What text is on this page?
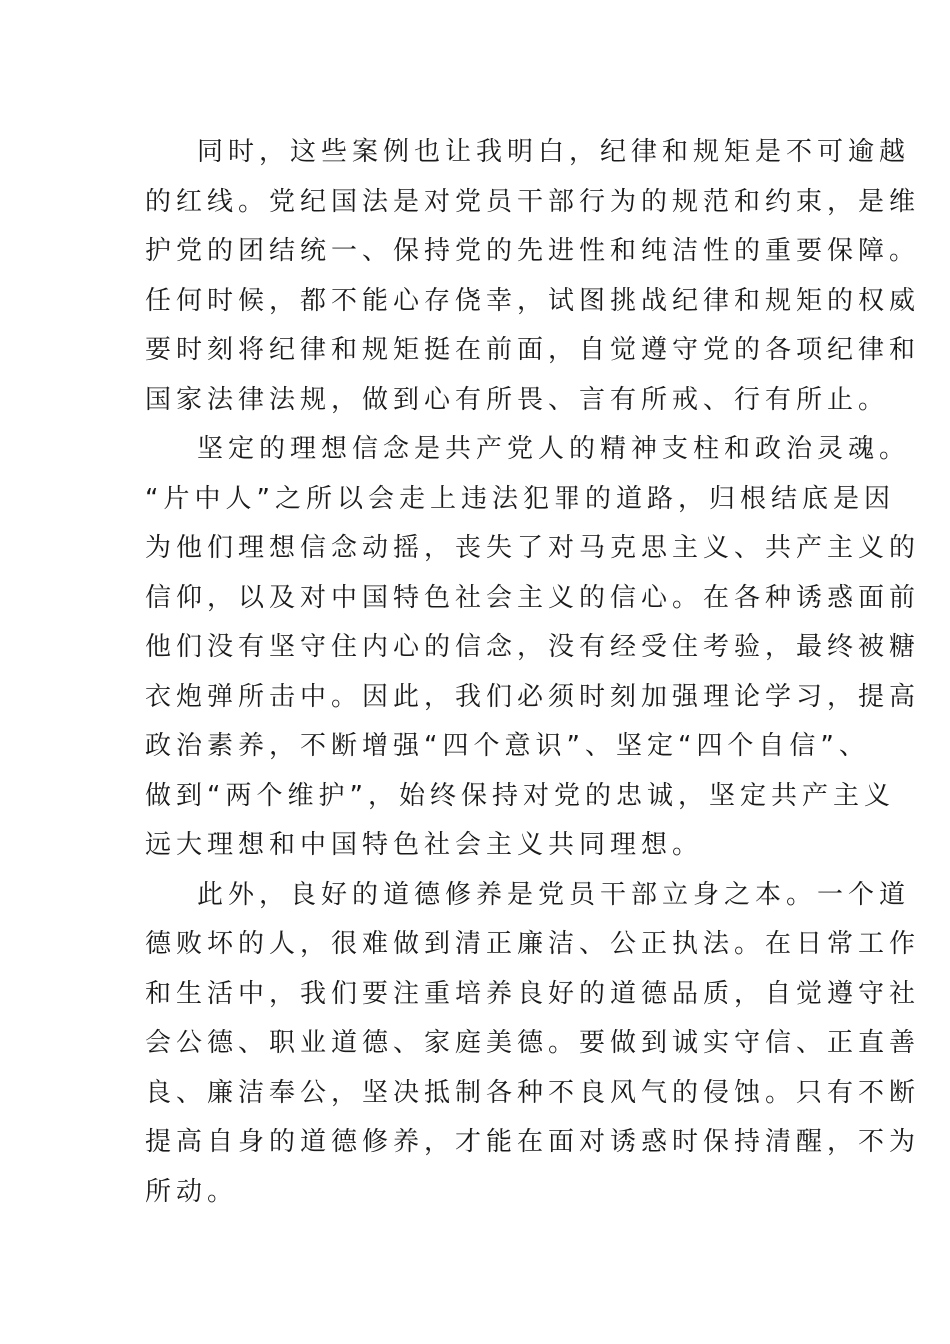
同时，这些案例也让我明白，纪律和规矩是不可逾越
的红线。党纪国法是对党员干部行为的规范和约束，是维
护党的团结统一、保持党的先进性和纯洁性的重要保障。
任何时候，都不能心存侥幸，试图挑战纪律和规矩的权威
要时刻将纪律和规矩挺在前面，自觉遵守党的各项纪律和
国家法律法规，做到心有所畏、言有所戒、行有所止。
坚定的理想信念是共产党人的精神支柱和政治灵魂。
“片中人”之所以会走上违法犯罪的道路，归根结底是因
为他们理想信念动摇，丧失了对马克思主义、共产主义的
信仰，以及对中国特色社会主义的信心。在各种诱惑面前
他们没有坚守住内心的信念，没有经受住考验，最终被糖
衣炮弹所击中。因此，我们必须时刻加强理论学习，提高
政治素养，不断增强“四个意识”、坚定“四个自信”、
做到“两个维护”，始终保持对党的忠诚，坚定共产主义
远大理想和中国特色社会主义共同理想。
此外，良好的道德修养是党员干部立身之本。一个道
德败坏的人，很难做到清正廉洁、公正执法。在日常工作
和生活中，我们要注重培养良好的道德品质，自觉遵守社
会公德、职业道德、家庭美德。要做到诚实守信、正直善
良、廉洁奉公，坚决抵制各种不良风气的侵蚀。只有不断
提高自身的道德修养，才能在面对诱惑时保持清醒，不为
所动。
